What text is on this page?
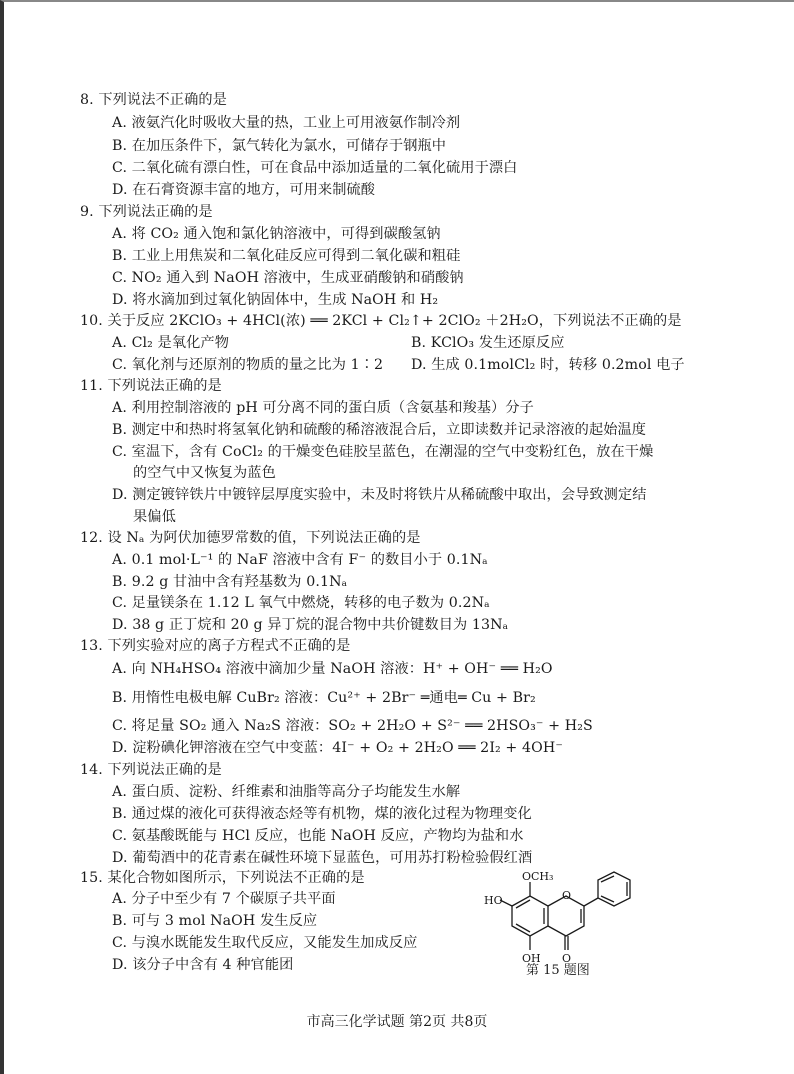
8. 下列说法不正确的是
A. 液氨汽化时吸收大量的热，工业上可用液氨作制冷剂
B. 在加压条件下，氯气转化为氯水，可储存于钢瓶中
C. 二氧化硫有漂白性，可在食品中添加适量的二氧化硫用于漂白
D. 在石膏资源丰富的地方，可用来制硫酸
9. 下列说法正确的是
A. 将 CO₂ 通入饱和氯化钠溶液中，可得到碳酸氢钠
B. 工业上用焦炭和二氧化硅反应可得到二氧化碳和粗硅
C. NO₂ 通入到 NaOH 溶液中，生成亚硝酸钠和硝酸钠
D. 将水滴加到过氧化钠固体中，生成 NaOH 和 H₂
10. 关于反应 2KClO₃ + 4HCl(浓) ══ 2KCl + Cl₂↑+ 2ClO₂ ＋2H₂O，下列说法不正确的是
A. Cl₂ 是氧化产物	B. KClO₃ 发生还原反应
C. 氧化剂与还原剂的物质的量之比为 1∶2 D. 生成 0.1molCl₂ 时，转移 0.2mol 电子
11. 下列说法正确的是
A. 利用控制溶液的 pH 可分离不同的蛋白质（含氨基和羧基）分子
B. 测定中和热时将氢氧化钠和硫酸的稀溶液混合后，立即读数并记录溶液的起始温度
C. 室温下，含有 CoCl₂ 的干燥变色硅胶呈蓝色，在潮湿的空气中变粉红色，放在干燥
的空气中又恢复为蓝色
D. 测定镀锌铁片中镀锌层厚度实验中，未及时将铁片从稀硫酸中取出，会导致测定结
果偏低
12. 设 Nₐ 为阿伏加德罗常数的值，下列说法正确的是
A. 0.1 mol·L⁻¹ 的 NaF 溶液中含有 F⁻ 的数目小于 0.1Nₐ
B. 9.2 g 甘油中含有羟基数为 0.1Nₐ
C. 足量镁条在 1.12 L 氧气中燃烧，转移的电子数为 0.2Nₐ
D. 38 g 正丁烷和 20 g 异丁烷的混合物中共价键数目为 13Nₐ
13. 下列实验对应的离子方程式不正确的是
A. 向 NH₄HSO₄ 溶液中滴加少量 NaOH 溶液：H⁺ + OH⁻ ══ H₂O
B. 用惰性电极电解 CuBr₂ 溶液：Cu²⁺ + 2Br⁻ ═通电═ Cu + Br₂
C. 将足量 SO₂ 通入 Na₂S 溶液：SO₂ + 2H₂O + S²⁻ ══ 2HSO₃⁻ + H₂S
D. 淀粉碘化钾溶液在空气中变蓝：4I⁻ + O₂ + 2H₂O ══ 2I₂ + 4OH⁻
14. 下列说法正确的是
A. 蛋白质、淀粉、纤维素和油脂等高分子均能发生水解
B. 通过煤的液化可获得液态烃等有机物，煤的液化过程为物理变化
C. 氨基酸既能与 HCl 反应，也能 NaOH 反应，产物均为盐和水
D. 葡萄酒中的花青素在碱性环境下显蓝色，可用苏打粉检验假红酒
15. 某化合物如图所示，下列说法不正确的是
A. 分子中至少有 7 个碳原子共平面
B. 可与 3 mol NaOH 发生反应
C. 与溴水既能发生取代反应，又能发生加成反应
D. 该分子中含有 4 种官能团
OCH₃
HO
OH O
O
第 15 题图
市高三化学试题 第2页 共8页
